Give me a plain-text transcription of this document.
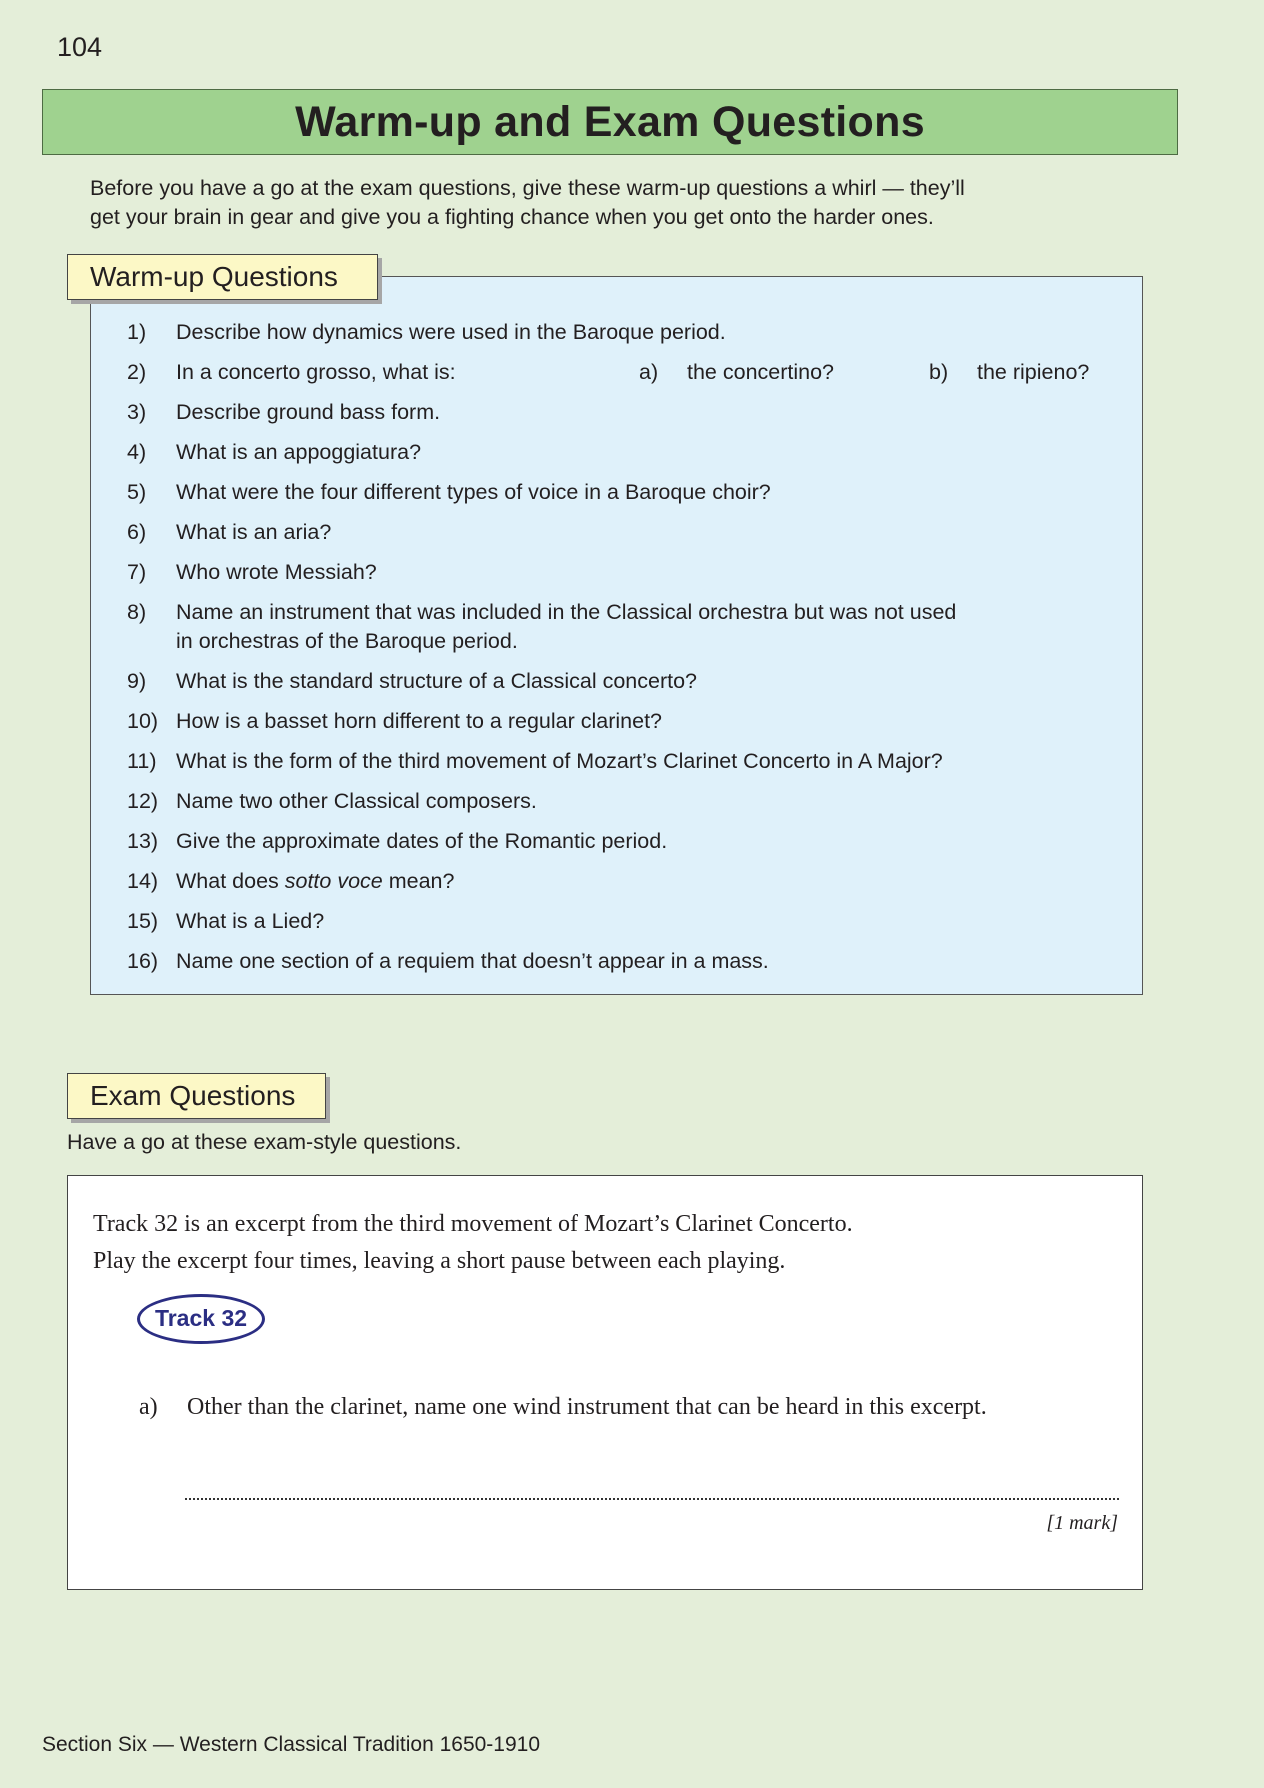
104
Warm-up and Exam Questions
Before you have a go at the exam questions, give these warm-up questions a whirl — they’ll
get your brain in gear and give you a fighting chance when you get onto the harder ones.
Warm-up Questions
1)	Describe how dynamics were used in the Baroque period.
2)	In a concerto grosso, what is:	a) the concertino?	b) the ripieno?
3)	Describe ground bass form.
4)	What is an appoggiatura?
5)	What were the four different types of voice in a Baroque choir?
6)	What is an aria?
7)	Who wrote Messiah?
8)	Name an instrument that was included in the Classical orchestra but was not used
in orchestras of the Baroque period.
9)	What is the standard structure of a Classical concerto?
10) How is a basset horn different to a regular clarinet?
11) What is the form of the third movement of Mozart’s Clarinet Concerto in A Major?
12) Name two other Classical composers.
13) Give the approximate dates of the Romantic period.
14) What does sotto voce mean?
15) What is a Lied?
16) Name one section of a requiem that doesn’t appear in a mass.
Exam Questions
Have a go at these exam-style questions.
Track 32 is an excerpt from the third movement of Mozart’s Clarinet Concerto.
Play the excerpt four times, leaving a short pause between each playing.
Track 32
a) Other than the clarinet, name one wind instrument that can be heard in this excerpt.
[1 mark]
Section Six — Western Classical Tradition 1650-1910
